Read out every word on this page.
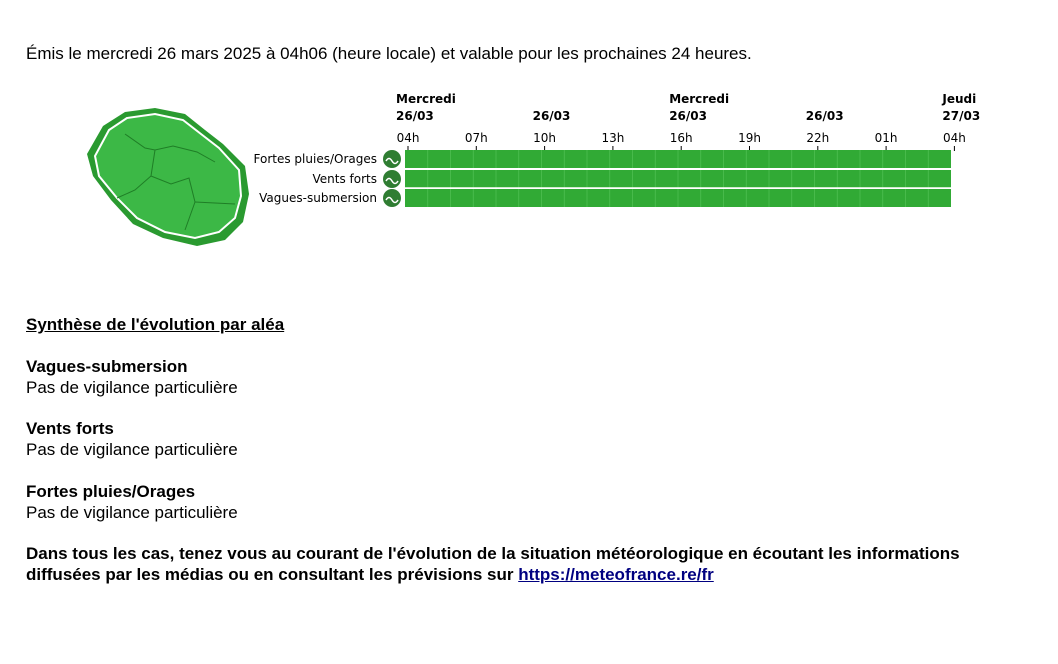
Émis le mercredi 26 mars 2025 à 04h06 (heure locale) et valable pour les prochaines 24 heures.
Mercredi
26/03	26/03
Mercredi
26/03	26/03
Jeudi
27/03
04h	07h	10h	13h	16h	19h	22h	01h	04h
Fortes pluies/Orages
Vents forts
Vagues-submersion
Synthèse de l'évolution par aléa
Vagues-submersion
Pas de vigilance particulière
Vents forts
Pas de vigilance particulière
Fortes pluies/Orages
Pas de vigilance particulière
Dans tous les cas, tenez vous au courant de l'évolution de la situation météorologique en écoutant les informations diffusées par les médias ou en consultant les prévisions sur https://meteofrance.re/fr
